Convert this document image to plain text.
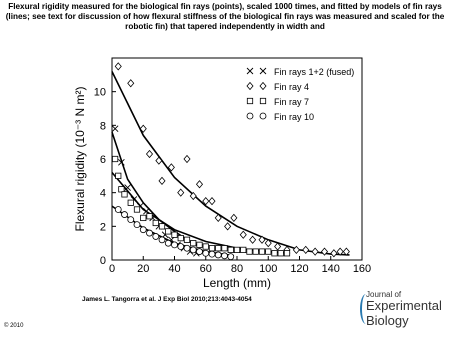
Flexural rigidity measured for the biological fin rays (points), scaled 1000 times, and fitted by models of fin rays (lines; see text for discussion of how flexural stiffness of the biological fin rays was measured and scaled for the robotic fin) that tapered independently in width and
0 20 40 60 80 100 120 140 160
0
2
4
6
8
10
Length (mm)
Flexural rigidity (10⁻³ N m²)
Fin rays 1+2 (fused)
Fin ray 4
Fin ray 7
Fin ray 10
James L. Tangorra et al. J Exp Biol 2010;213:4043-4054
© 2010
Journal of
Experimental
Biology
